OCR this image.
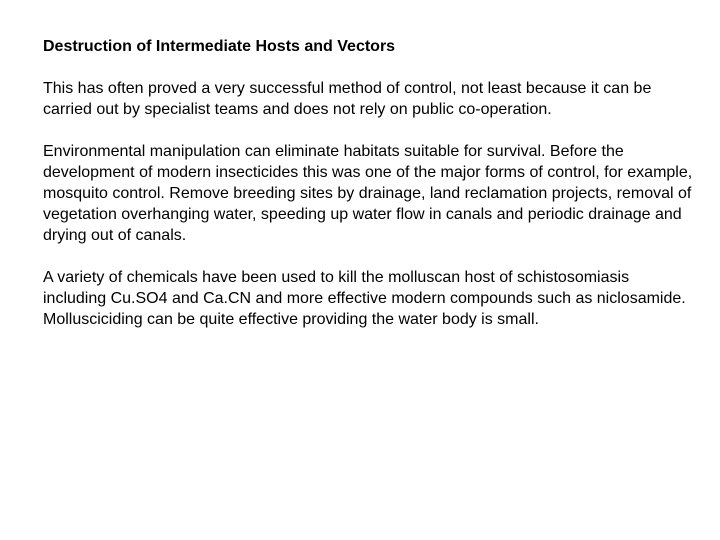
Destruction of Intermediate Hosts and Vectors
This has often proved a very successful method of control, not least because it can be carried out by specialist teams and does not rely on public co-operation.
Environmental manipulation can eliminate habitats suitable for survival. Before the development of modern insecticides this was one of the major forms of control, for example, mosquito control. Remove breeding sites by drainage, land reclamation projects, removal of vegetation overhanging water, speeding up water flow in canals and periodic drainage and drying out of canals.
A variety of chemicals have been used to kill the molluscan host of schistosomiasis including Cu.SO4 and Ca.CN and more effective modern compounds such as niclosamide. Mollusciciding can be quite effective providing the water body is small.
